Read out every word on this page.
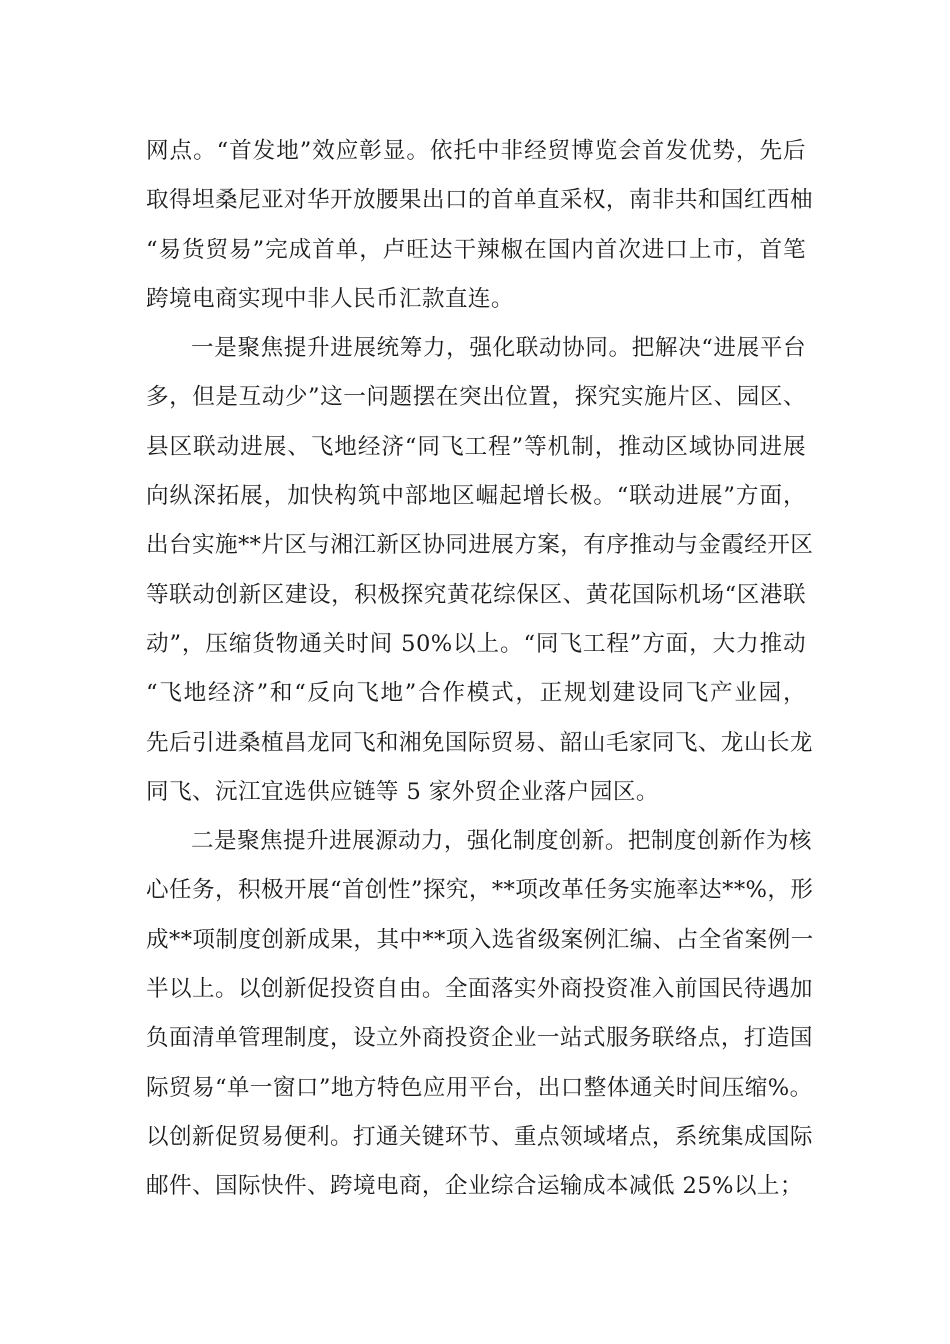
网点。“首发地”效应彰显。依托中非经贸博览会首发优势，先后
取得坦桑尼亚对华开放腰果出口的首单直采权，南非共和国红西柚
“易货贸易”完成首单，卢旺达干辣椒在国内首次进口上市，首笔
跨境电商实现中非人民币汇款直连。
一是聚焦提升进展统筹力，强化联动协同。把解决“进展平台
多，但是互动少”这一问题摆在突出位置，探究实施片区、园区、
县区联动进展、飞地经济“同飞工程”等机制，推动区域协同进展
向纵深拓展，加快构筑中部地区崛起增长极。“联动进展”方面，
出台实施**片区与湘江新区协同进展方案，有序推动与金霞经开区
等联动创新区建设，积极探究黄花综保区、黄花国际机场“区港联
动”，压缩货物通关时间 50%以上。“同飞工程”方面，大力推动
“飞地经济”和“反向飞地”合作模式，正规划建设同飞产业园，
先后引进桑植昌龙同飞和湘免国际贸易、韶山毛家同飞、龙山长龙
同飞、沅江宜选供应链等 5 家外贸企业落户园区。
二是聚焦提升进展源动力，强化制度创新。把制度创新作为核
心任务，积极开展“首创性”探究，**项改革任务实施率达**%，形
成**项制度创新成果，其中**项入选省级案例汇编、占全省案例一
半以上。以创新促投资自由。全面落实外商投资准入前国民待遇加
负面清单管理制度，设立外商投资企业一站式服务联络点，打造国
际贸易“单一窗口”地方特色应用平台，出口整体通关时间压缩%。
以创新促贸易便利。打通关键环节、重点领域堵点，系统集成国际
邮件、国际快件、跨境电商，企业综合运输成本减低 25%以上；
